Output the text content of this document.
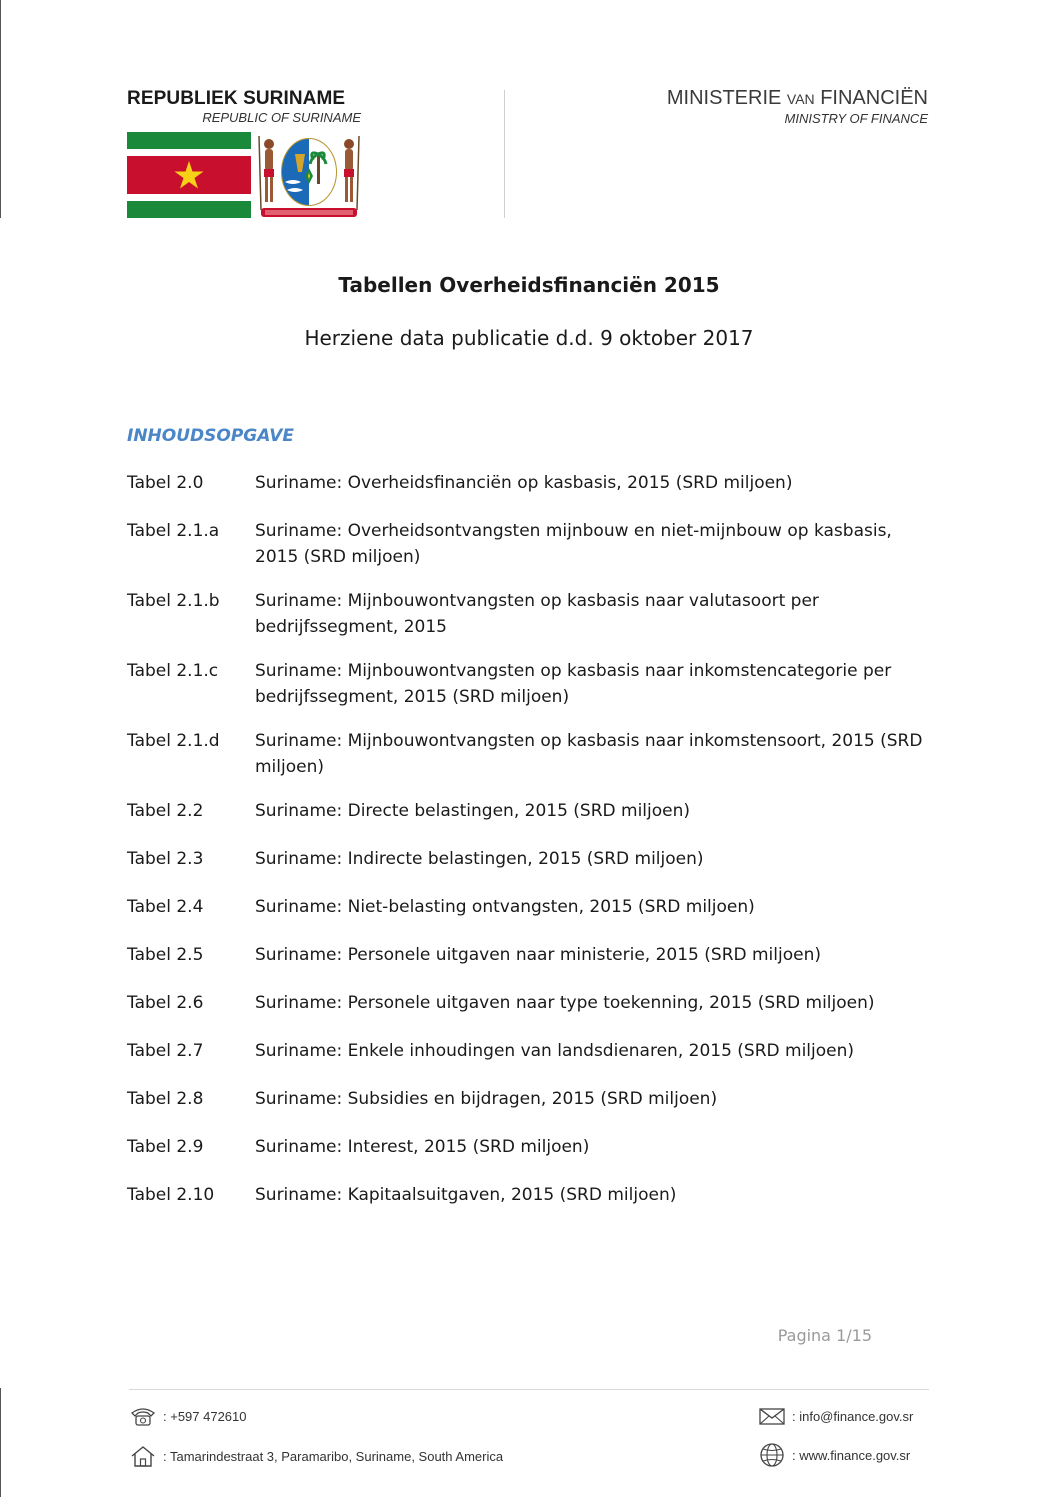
REPUBLIEK SURINAME
REPUBLIC OF SURINAME
MINISTERIE VAN FINANCIËN
MINISTRY OF FINANCE
Tabellen Overheidsfinanciën 2015
Herziene data publicatie d.d. 9 oktober 2017
INHOUDSOPGAVE
Tabel 2.0	Suriname: Overheidsfinanciën op kasbasis, 2015 (SRD miljoen)
Tabel 2.1.a	Suriname: Overheidsontvangsten mijnbouw en niet-mijnbouw op kasbasis, 2015 (SRD miljoen)
Tabel 2.1.b	Suriname: Mijnbouwontvangsten op kasbasis naar valutasoort per bedrijfssegment, 2015
Tabel 2.1.c	Suriname: Mijnbouwontvangsten op kasbasis naar inkomstencategorie per bedrijfssegment, 2015 (SRD miljoen)
Tabel 2.1.d	Suriname: Mijnbouwontvangsten op kasbasis naar inkomstensoort, 2015 (SRD miljoen)
Tabel 2.2	Suriname: Directe belastingen, 2015 (SRD miljoen)
Tabel 2.3	Suriname: Indirecte belastingen, 2015 (SRD miljoen)
Tabel 2.4	Suriname: Niet-belasting ontvangsten, 2015 (SRD miljoen)
Tabel 2.5	Suriname: Personele uitgaven naar ministerie, 2015 (SRD miljoen)
Tabel 2.6	Suriname: Personele uitgaven naar type toekenning, 2015 (SRD miljoen)
Tabel 2.7	Suriname: Enkele inhoudingen van landsdienaren, 2015 (SRD miljoen)
Tabel 2.8	Suriname: Subsidies en bijdragen, 2015 (SRD miljoen)
Tabel 2.9	Suriname: Interest, 2015 (SRD miljoen)
Tabel 2.10	Suriname: Kapitaalsuitgaven, 2015 (SRD miljoen)
Pagina 1/15
: +597 472610
: Tamarindestraat 3, Paramaribo, Suriname, South America
: info@finance.gov.sr
: www.finance.gov.sr
